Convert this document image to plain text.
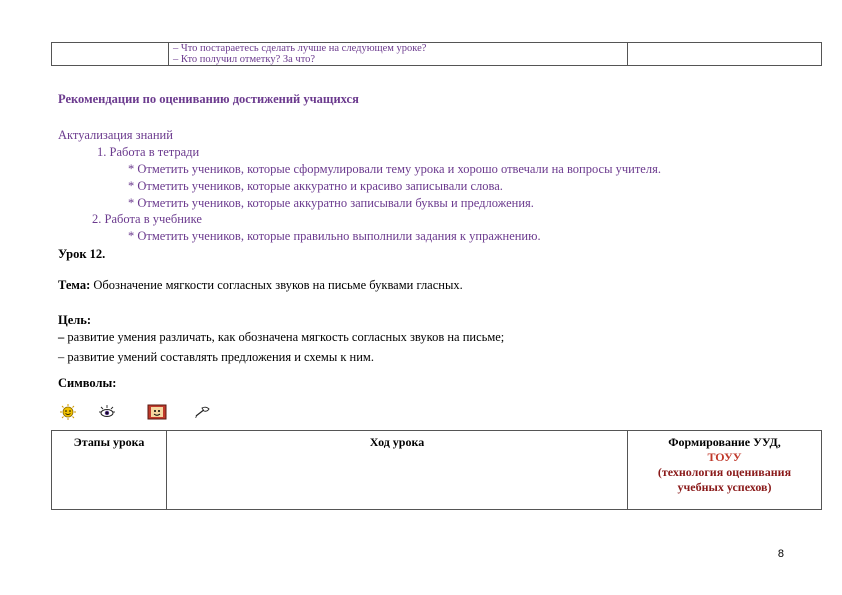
– Что постараетесь сделать лучше на следующем уроке?
– Кто получил отметку? За что?

Рекомендации по оцениванию достижений учащихся
Актуализация знаний
1. Работа в тетради
* Отметить учеников, которые сформулировали тему урока и хорошо отвечали на вопросы учителя.
* Отметить учеников, которые аккуратно и красиво записывали слова.
* Отметить учеников, которые аккуратно записывали буквы и предложения.
2. Работа в учебнике
* Отметить учеников, которые правильно выполнили задания к упражнению.
Урок 12.
Тема: Обозначение мягкости согласных звуков на письме буквами гласных.
Цель:
– развитие умения различать, как обозначена мягкость согласных звуков на письме;
– развитие умений составлять предложения и схемы к ним.
Символы:
Этапы урока	Ход урока	Формирование УУД,
ТОУУ
(технология оценивания
учебных успехов)
8
